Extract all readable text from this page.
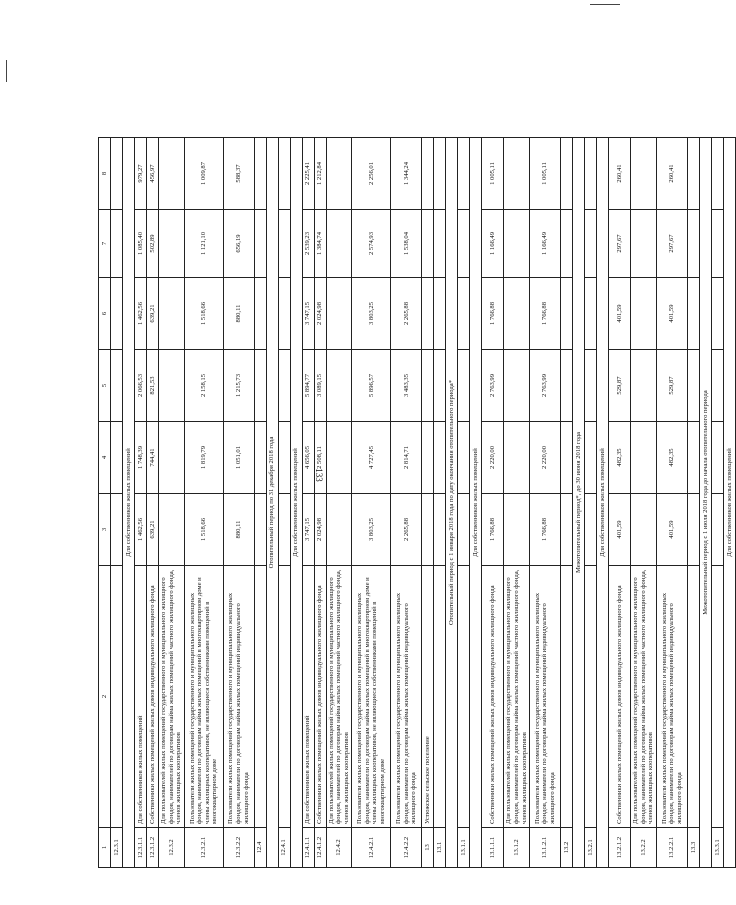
133
1	2	3	4	5	6	7	8
12.3.1							
Для собственников жилых помещений							
12.3.1.1	Для собственников жилых помещений	1 462,56	1 748,39	2 066,53	1 462,56	1 085,40	979,27
12.3.1.2	Собственники жилых помещений жилых домов индивидуального жилищного фонда	639,21	744,41	821,53	639,21	502,89	456,97
12.3.2	Для пользователей жилых помещений государственного и муниципального жилищного фондов, нанимателей по договорам найма жилых помещений частного жилищного фонда, членов жилищных кооперативов						
12.3.2.1	Пользователи жилых помещений государственного и муниципального жилищных фондов, наниматели по договорам найма жилых помещений в многоквартирном доме и члены жилищных кооперативов, не являющиеся собственниками помещений в многоквартирном доме	1 518,66	1 819,79	2 158,15	1 518,66	1 121,10	1 009,87
12.3.2.2	Пользователи жилых помещений государственного и муниципального жилищных фондов, наниматели по договорам найма жилых помещений индивидуального жилищного фонда	880,11	1 051,01	1 215,73	880,11	656,19	588,37
12.4							
Отопительный период по 31 декабря 2018 года							
12.4.1							
Для собственников жилых помещений							
12.4.1.1	Для собственников жилых помещений	3 747,15	4 656,05	5 894,77	3 747,15	2 539,23	2 225,41
12.4.1.2	Собственники жилых помещений жилых домов индивидуального жилищного фонда	2 024,98	2 508,11	3 089,15	2 024,98	1 384,74	1 212,84
12.4.2	Для пользователей жилых помещений государственного и муниципального жилищного фондов, нанимателей по договорам найма жилых помещений частного жилищного фонда, членов жилищных кооперативов						
12.4.2.1	Пользователи жилых помещений государственного и муниципального жилищных фондов, наниматели по договорам найма жилых помещений в многоквартирном доме и члены жилищных кооперативов, не являющиеся собственниками помещений в многоквартирном доме	3 803,25	4 727,45	5 896,57	3 803,25	2 574,93	2 256,01
12.4.2.2	Пользователи жилых помещений государственного и муниципального жилищных фондов, наниматели по договорам найма жилых помещений индивидуального жилищного фонда	2 265,88	2 814,71	3 483,35	2 265,88	1 538,04	1 344,24
13	Устюжское сельское поселение						
13.1							
Отопительный период с 1 января 2018 года по дату окончания отопительного периода*							
13.1.1							
Для собственников жилых помещений							
13.1.1.1	Собственники жилых помещений жилых домов индивидуального жилищного фонда	1 766,88	2 220,00	2 763,99	1 766,88	1 166,49	1 005,11
13.1.2	Для пользователей жилых помещений государственного и муниципального жилищного фондов, нанимателей по договорам найма жилых помещений частного жилищного фонда, членов жилищных кооперативов						
13.1.2.1	Пользователи жилых помещений государственного и муниципального жилищных фондов, наниматели по договорам найма жилых помещений индивидуального жилищного фонда	1 766,88	2 220,00	2 763,99	1 766,88	1 166,49	1 005,11
13.2							
Межотопительный период*, до 30 июня 2018 года							
13.2.1							
Для собственников жилых помещений							
13.2.1.2	Собственники жилых помещений жилых домов индивидуального жилищного фонда	401,59	482,35	529,87	401,59	297,67	260,41
13.2.2	Для пользователей жилых помещений государственного и муниципального жилищного фондов, нанимателей по договорам найма жилых помещений частного жилищного фонда, членов жилищных кооперативов						
13.2.2.1	Пользователи жилых помещений государственного и муниципального жилищных фондов, наниматели по договорам найма жилых помещений индивидуального жилищного фонда	401,59	482,35	529,87	401,59	297,67	260,41
13.3							
Межотопительный период с 1 июля 2018 года до начала отопительного периода							
13.3.1							
Для собственников жилых помещений							
